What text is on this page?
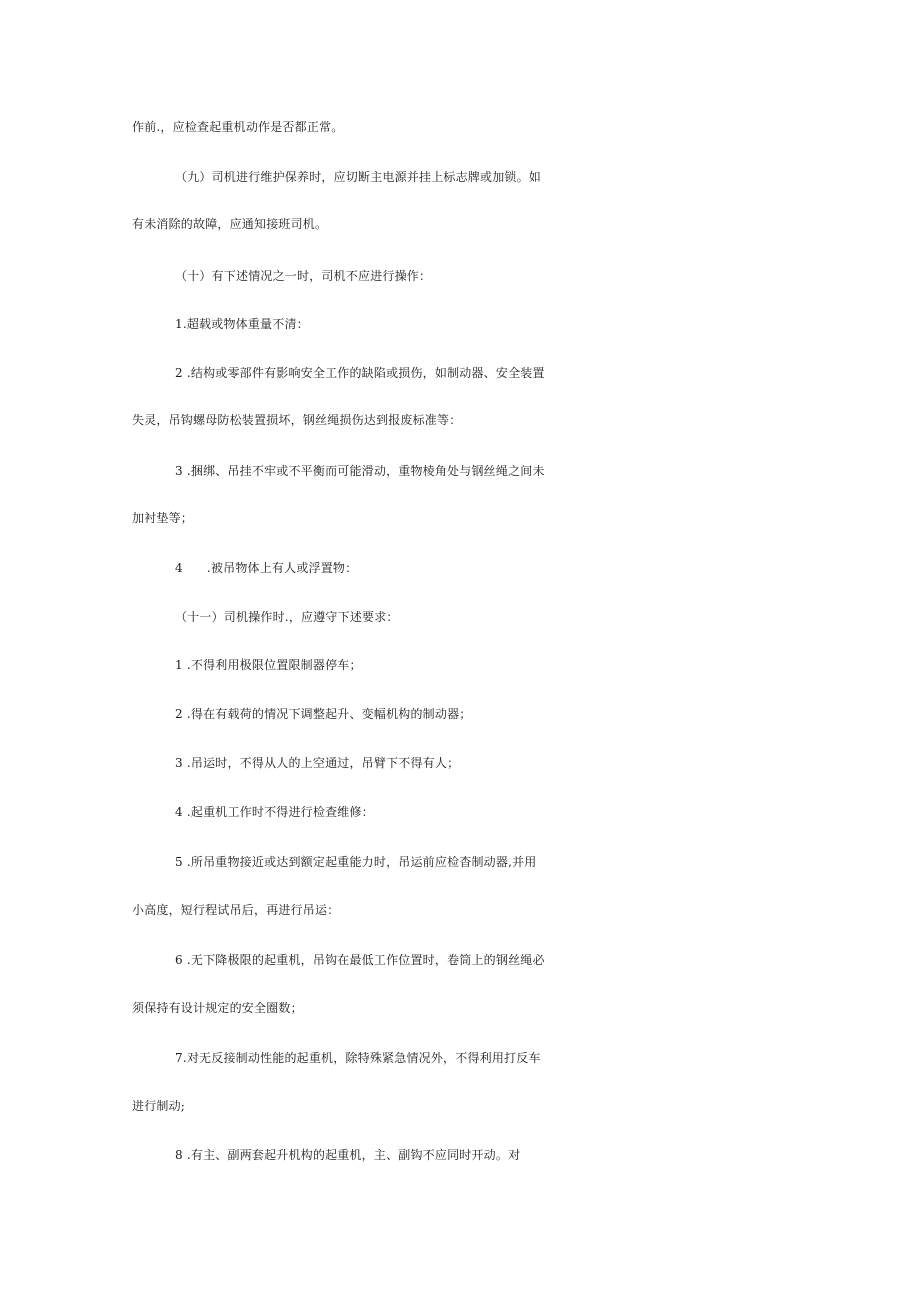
作前.，应检查起重机动作是否都正常。
（九）司机进行维护保养时，应切断主电源并挂上标志牌或加锁。如
有未消除的故障，应通知接班司机。
（十）有下述情况之一时，司机不应进行操作：
1.超载或物体重量不清：
2 .结构或零部件有影响安全工作的缺陷或损伤，如制动器、安全装置
失灵，吊钩螺母防松装置损坏，钢丝绳损伤达到报废标准等：
3 .捆绑、吊挂不牢或不平衡而可能滑动，重物棱角处与钢丝绳之间未
加衬垫等；
4      .被吊物体上有人或浮置物：
（十一）司机操作时.，应遵守下述要求：
1 .不得利用极限位置限制器停车；
2 .得在有载荷的情况下调整起升、变幅机构的制动器；
3 .吊运时，不得从人的上空通过，吊臂下不得有人；
4 .起重机工作时不得进行检查维修：
5 .所吊重物接近或达到额定起重能力时，吊运前应检杳制动器,并用
小高度，短行程试吊后，再进行吊运：
6 .无下降极限的起重机，吊钩在最低工作位置时，卷筒上的钢丝绳必
须保持有设计规定的安全圈数；
7.对无反接制动性能的起重机，除特殊紧急情况外，不得利用打反车
进行制动;
8 .有主、副两套起升机构的起重机，主、副钩不应同时开动。对
